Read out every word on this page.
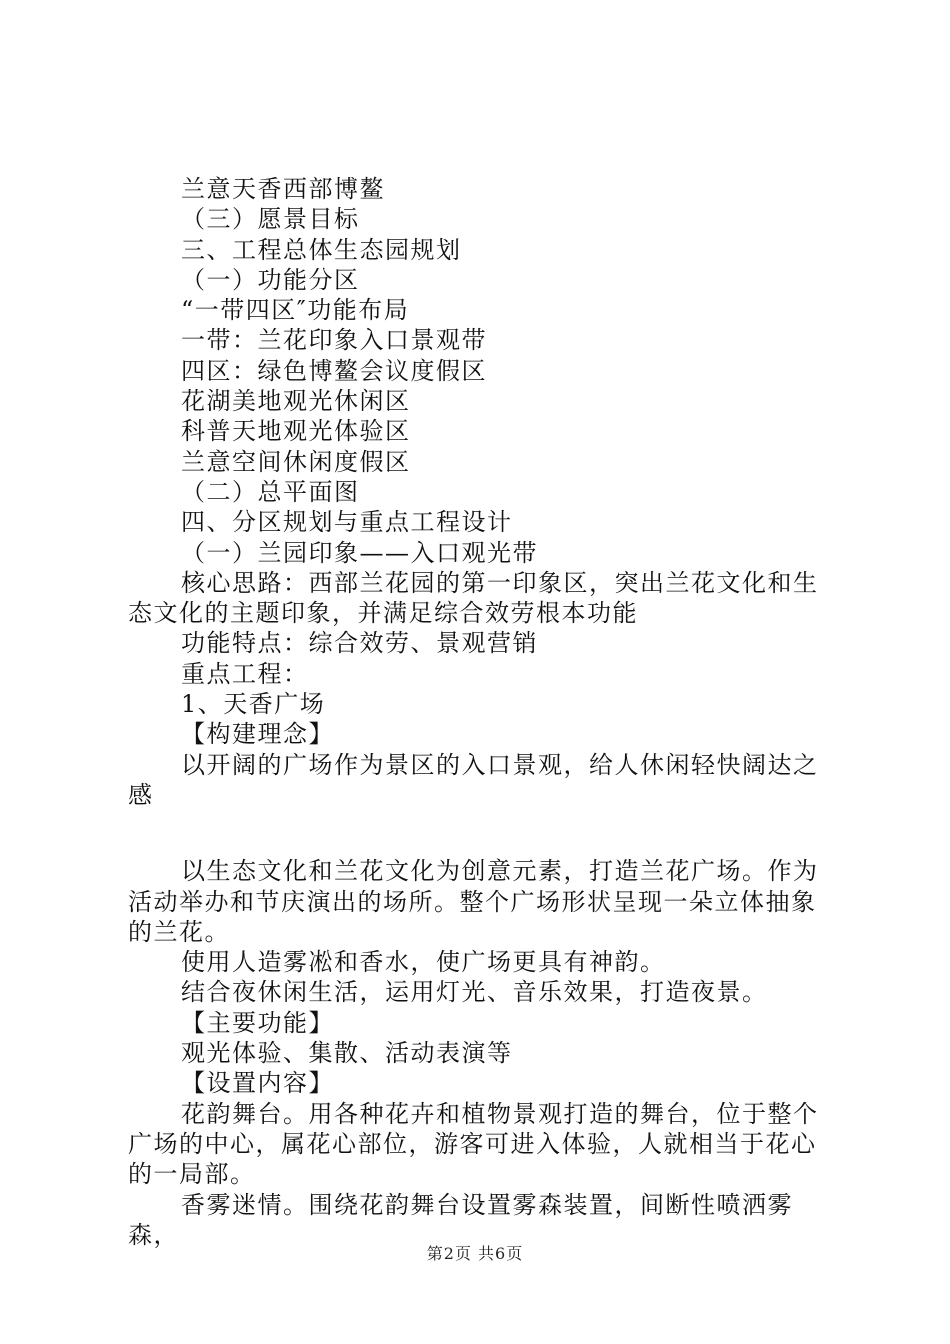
兰意天香西部博鳌

（三）愿景目标

三、工程总体生态园规划

（一）功能分区

“一带四区″功能布局

一带：兰花印象入口景观带

四区：绿色博鳌会议度假区

花湖美地观光休闲区

科普天地观光体验区

兰意空间休闲度假区

（二）总平面图

四、分区规划与重点工程设计

（一）兰园印象——入口观光带

核心思路：西部兰花园的第一印象区，突出兰花文化和生态文化的主题印象，并满足综合效劳根本功能

功能特点：综合效劳、景观营销

重点工程：

1、天香广场

【构建理念】

以开阔的广场作为景区的入口景观，给人休闲轻快阔达之感

以生态文化和兰花文化为创意元素，打造兰花广场。作为活动举办和节庆演出的场所。整个广场形状呈现一朵立体抽象的兰花。

使用人造雾凇和香水，使广场更具有神韵。

结合夜休闲生活，运用灯光、音乐效果，打造夜景。

【主要功能】

观光体验、集散、活动表演等

【设置内容】

花韵舞台。用各种花卉和植物景观打造的舞台，位于整个广场的中心，属花心部位，游客可进入体验，人就相当于花心的一局部。

香雾迷情。围绕花韵舞台设置雾森装置，间断性喷洒雾森，

第2页 共6页
